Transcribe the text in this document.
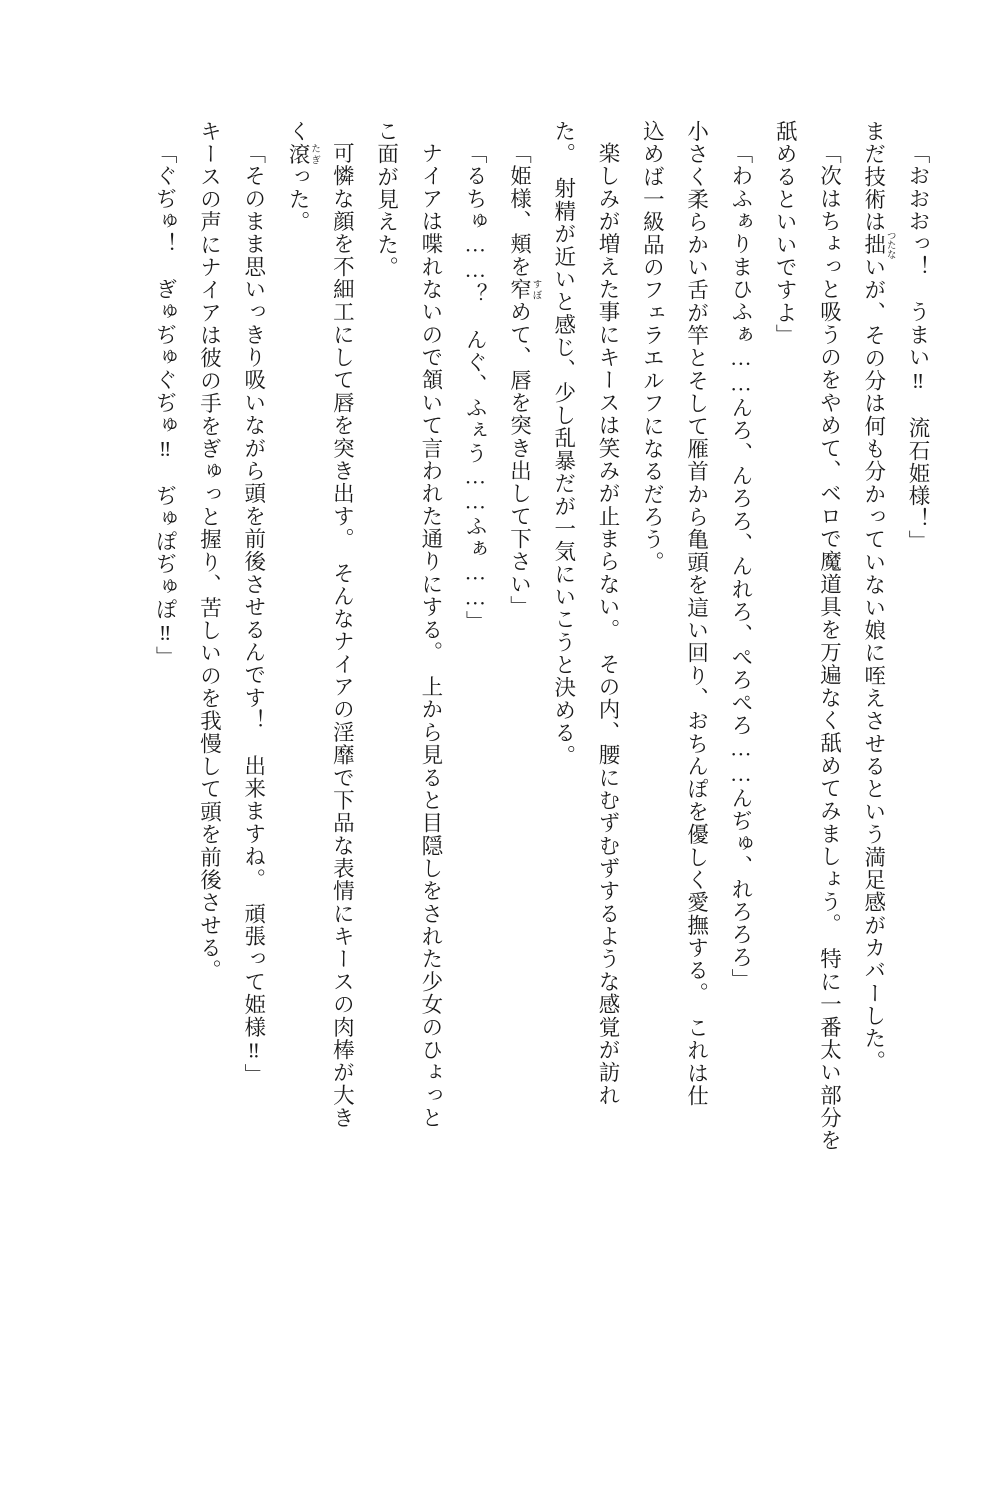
「おおおっ！　うまい‼　流石姫様！」
まだ技術は拙 つたないが、その分は何も分かっていない娘に咥えさせるという満足感がカバーした。
「次はちょっと吸うのをやめて、ベロで魔道具を万遍なく舐めてみましょう。　特に一番太い部分を
舐めるといいですよ」
「わふぁりまひふぁ……んろ、んろろ、んれろ、ぺろぺろ……んぢゅ、れろろろ」
小さく柔らかい舌が竿とそして雁首から亀頭を這い回り、おちんぽを優しく愛撫する。　これは仕
込めば一級品のフェラエルフになるだろう。
楽しみが増えた事にキースは笑みが止まらない。　その内、腰にむずむずするような感覚が訪れ
た。　射精が近いと感じ、少し乱暴だが一気にいこうと決める。
「姫様、頬を窄 すぼめて、唇を突き出して下さい」
「るちゅ……？　んぐ、ふぇう……ふぁ……」
ナイアは喋れないので頷いて言われた通りにする。　上から見ると目隠しをされた少女のひょっと
こ面が見えた。
可憐な顔を不細工にして唇を突き出す。　そんなナイアの淫靡で下品な表情にキースの肉棒が大き
く滾 たぎった。
「そのまま思いっきり吸いながら頭を前後させるんです！　出来ますね。　頑張って姫様‼」
キースの声にナイアは彼の手をぎゅっと握り、苦しいのを我慢して頭を前後させる。
「ぐぢゅ！　ぎゅぢゅぐぢゅ‼　ぢゅぽぢゅぽ‼」
